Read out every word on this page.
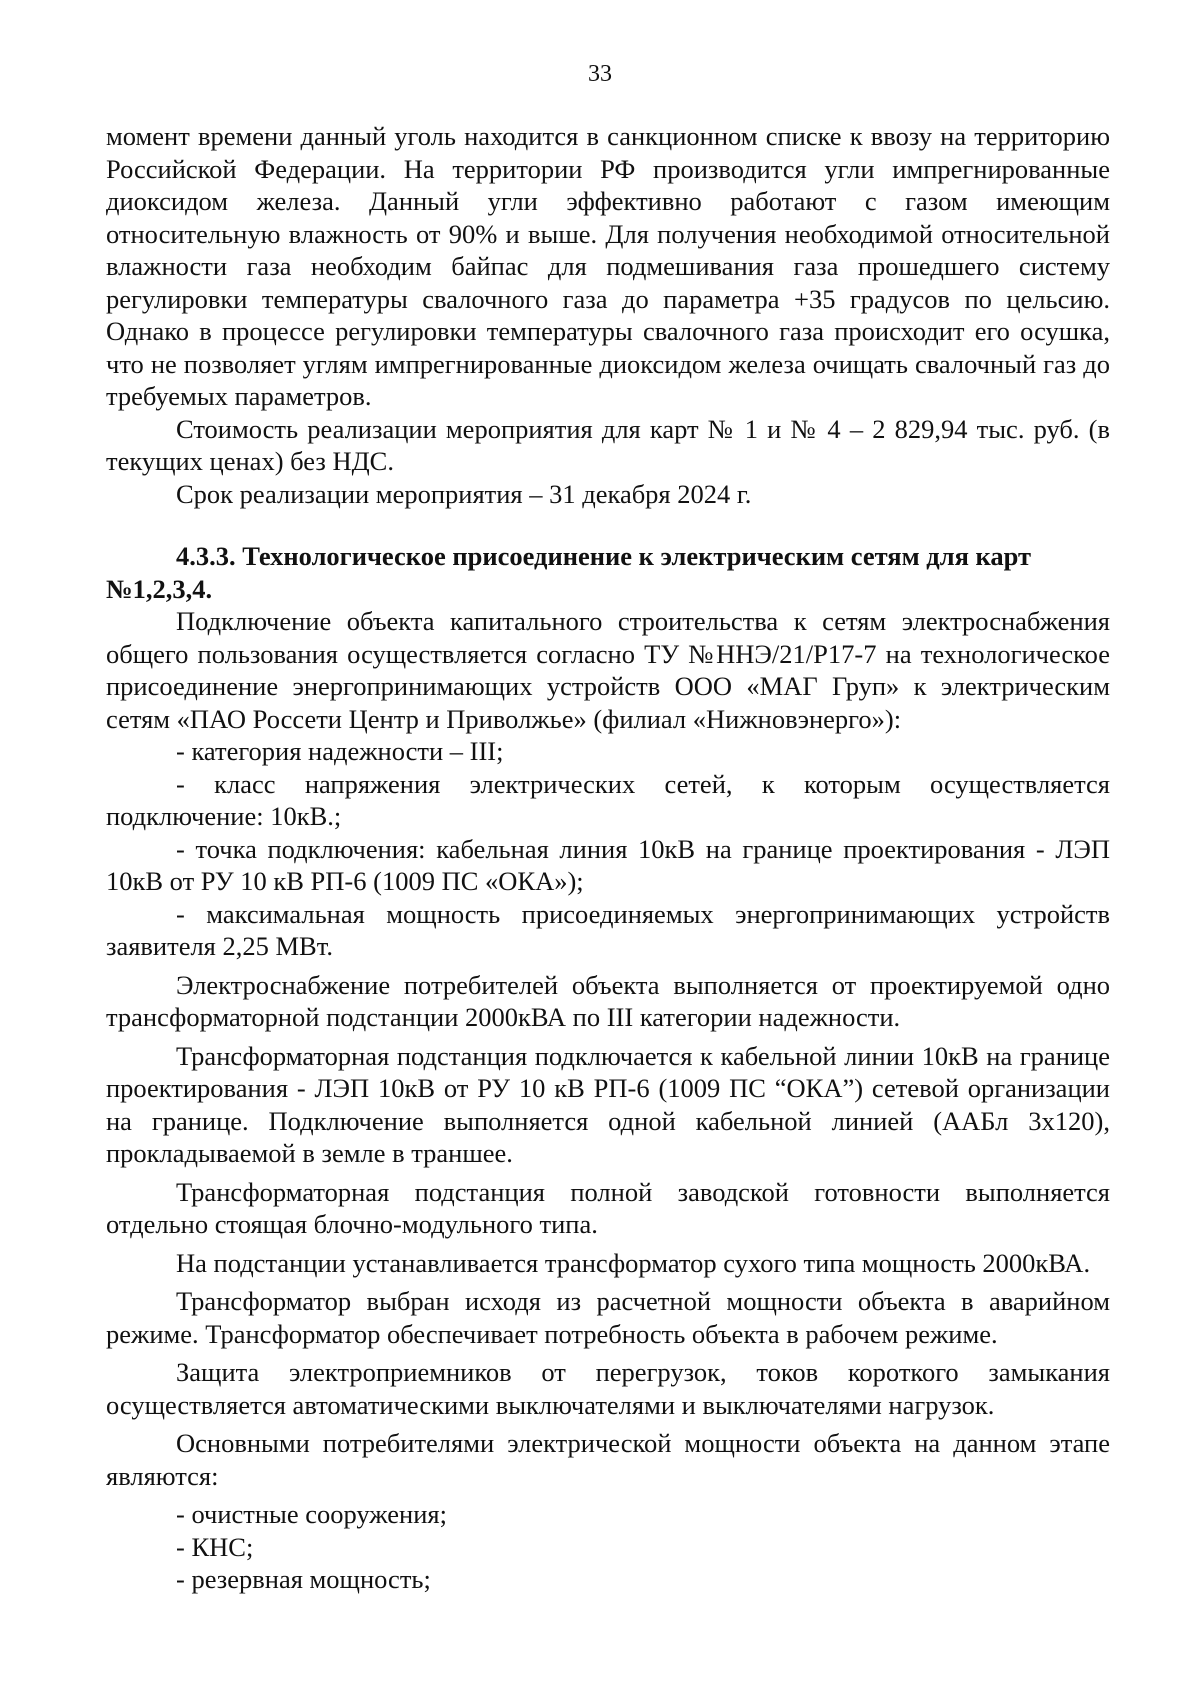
33

момент времени данный уголь находится в санкционном списке к ввозу на территорию Российской Федерации. На территории РФ производится угли импрегнированные диоксидом железа. Данный угли эффективно работают с газом имеющим относительную влажность от 90% и выше. Для получения необходимой относительной влажности газа необходим байпас для подмешивания газа прошедшего систему регулировки температуры свалочного газа до параметра +35 градусов по цельсию. Однако в процессе регулировки температуры свалочного газа происходит его осушка, что не позволяет углям импрегнированные диоксидом железа очищать свалочный газ до требуемых параметров.

Стоимость реализации мероприятия для карт № 1 и № 4 – 2 829,94 тыс. руб. (в текущих ценах) без НДС.

Срок реализации мероприятия – 31 декабря 2024 г.

4.3.3. Технологическое присоединение к электрическим сетям для карт №1,2,3,4.

Подключение объекта капитального строительства к сетям электроснабжения общего пользования осуществляется согласно ТУ №ННЭ/21/Р17-7 на технологическое присоединение энергопринимающих устройств ООО «МАГ Груп» к электрическим сетям «ПАО Россети Центр и Приволжье» (филиал «Нижновэнерго»):

- категория надежности – III;

- класс напряжения электрических сетей, к которым осуществляется подключение: 10кВ.;

- точка подключения: кабельная линия 10кВ на границе проектирования - ЛЭП 10кВ от РУ 10 кВ РП-6 (1009 ПС «ОКА»);

- максимальная мощность присоединяемых энергопринимающих устройств заявителя 2,25 МВт.

Электроснабжение потребителей объекта выполняется от проектируемой одно трансформаторной подстанции 2000кВА по III категории надежности.

Трансформаторная подстанция подключается к кабельной линии 10кВ на границе проектирования - ЛЭП 10кВ от РУ 10 кВ РП-6 (1009 ПС “ОКА”) сетевой организации на границе. Подключение выполняется одной кабельной линией (ААБл 3х120), прокладываемой в земле в траншее.

Трансформаторная подстанция полной заводской готовности выполняется отдельно стоящая блочно-модульного типа.

На подстанции устанавливается трансформатор сухого типа мощность 2000кВА.

Трансформатор выбран исходя из расчетной мощности объекта в аварийном режиме. Трансформатор обеспечивает потребность объекта в рабочем режиме.

Защита электроприемников от перегрузок, токов короткого замыкания осуществляется автоматическими выключателями и выключателями нагрузок.

Основными потребителями электрической мощности объекта на данном этапе являются:

- очистные сооружения;

- КНС;

- резервная мощность;
